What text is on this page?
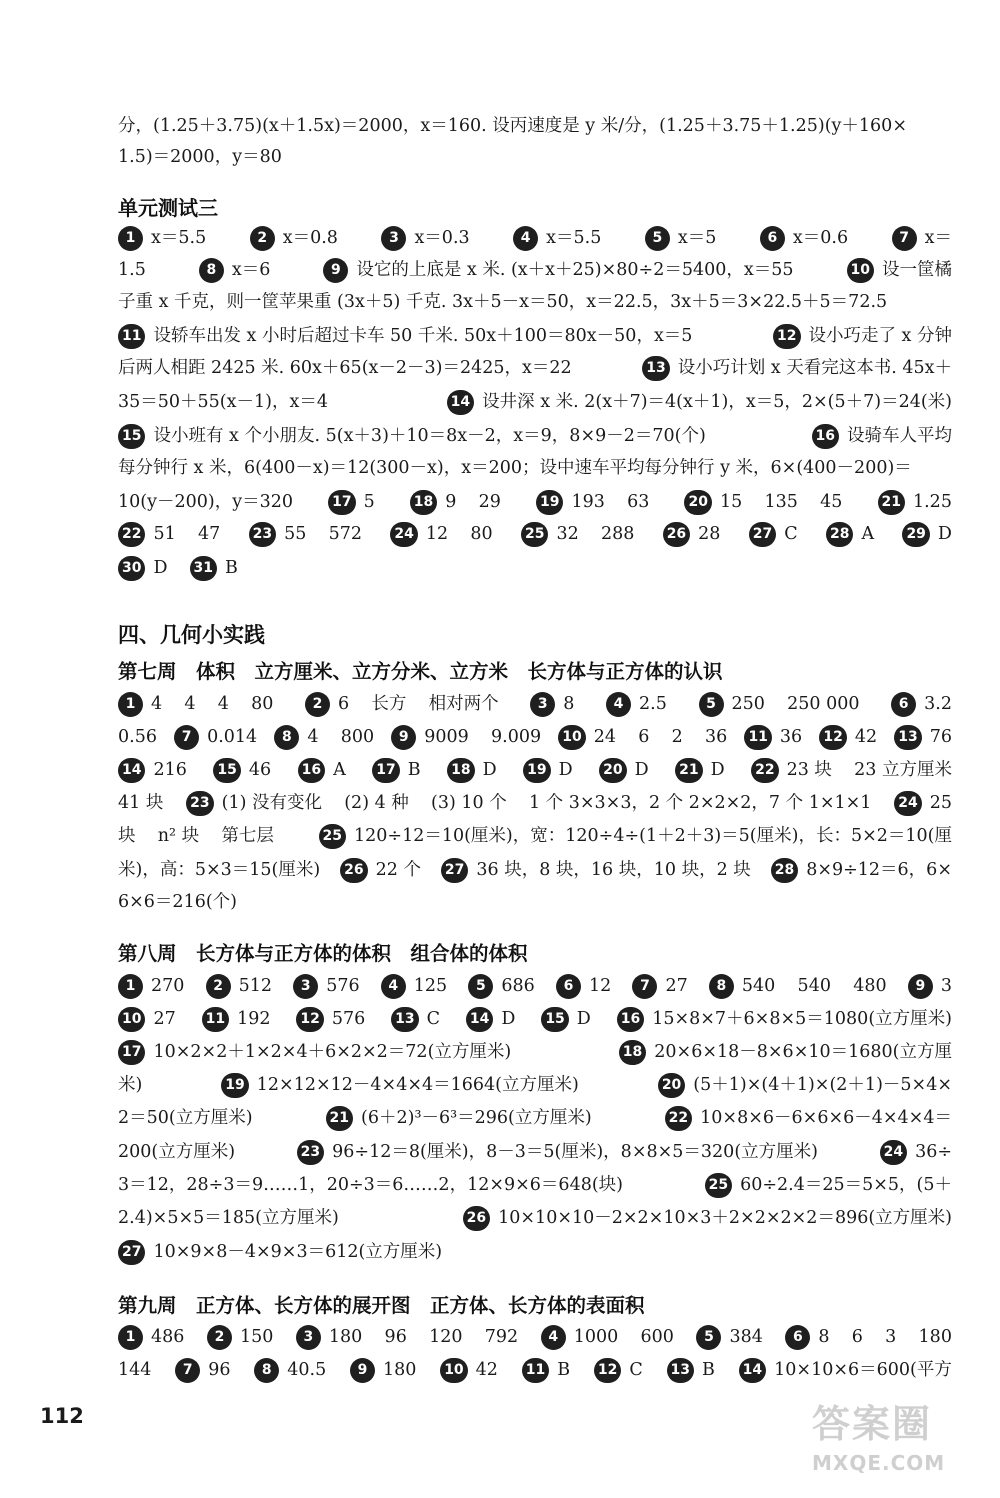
分，(1.25＋3.75)(x＋1.5x)＝2000，x＝160. 设丙速度是 y 米/分，(1.25＋3.75＋1.25)(y＋160×
1.5)＝2000，y＝80
单元测试三
1 x＝5.5	2 x＝0.8	3 x＝0.3	4 x＝5.5	5 x＝5	6 x＝0.6	7 x＝
1.5	8 x＝6	9 设它的上底是 x 米. (x＋x＋25)×80÷2＝5400，x＝55	10 设一筐橘
子重 x 千克，则一筐苹果重 (3x＋5) 千克. 3x＋5－x＝50，x＝22.5，3x＋5＝3×22.5＋5＝72.5
11 设轿车出发 x 小时后超过卡车 50 千米. 50x＋100＝80x－50，x＝5	12 设小巧走了 x 分钟
后两人相距 2425 米. 60x＋65(x－2－3)＝2425，x＝22	13 设小巧计划 x 天看完这本书. 45x＋
35＝50＋55(x－1)，x＝4	14 设井深 x 米. 2(x＋7)＝4(x＋1)，x＝5，2×(5＋7)＝24(米)
15 设小班有 x 个小朋友. 5(x＋3)＋10＝8x－2，x＝9，8×9－2＝70(个)	16 设骑车人平均
每分钟行 x 米，6(400－x)＝12(300－x)，x＝200；设中速车平均每分钟行 y 米，6×(400－200)＝
10(y－200)，y＝320	17 5	18 9    29	19 193    63	20 15    135    45	21 1.25
22 51    47 23 55    572 24 12    80 25 32    288 26 28 27 C 28 A 29 D
30 D 31 B
四、几何小实践
第七周　体积　立方厘米、立方分米、立方米　长方体与正方体的认识
1 4    4    4    80	2 6    长方    相对两个	3 8	4 2.5	5 250    250 000	6 3.2
0.56	7 0.014	8 4    800	9 9009    9.009 10 24    6    2    36 11 36 12 42 13 76
14 216 15 46 16 A 17 B 18 D 19 D 20 D 21 D 22 23 块    23 立方厘米
41 块 23 (1) 没有变化    (2) 4 种    (3) 10 个    1 个 3×3×3，2 个 2×2×2，7 个 1×1×1 24 25
块    n² 块    第七层	25 120÷12＝10(厘米)，宽：120÷4÷(1＋2＋3)＝5(厘米)，长：5×2＝10(厘
米)，高：5×3＝15(厘米) 26 22 个 27 36 块，8 块，16 块，10 块，2 块 28 8×9÷12＝6，6×
6×6＝216(个)
第八周　长方体与正方体的体积　组合体的体积
1 270	2 512	3 576	4 125	5 686	6 12	7 27	8 540    540    480	9 3
10 27 11 192 12 576 13 C 14 D 15 D 16 15×8×7＋6×8×5＝1080(立方厘米)
17 10×2×2＋1×2×4＋6×2×2＝72(立方厘米)	18 20×6×18－8×6×10＝1680(立方厘
米)	19 12×12×12－4×4×4＝1664(立方厘米)	20 (5＋1)×(4＋1)×(2＋1)－5×4×
2＝50(立方厘米)	21 (6＋2)³－6³＝296(立方厘米)	22 10×8×6－6×6×6－4×4×4＝
200(立方厘米)	23 96÷12＝8(厘米)，8－3＝5(厘米)，8×8×5＝320(立方厘米)	24 36÷
3＝12，28÷3＝9……1，20÷3＝6……2，12×9×6＝648(块)	25 60÷2.4＝25＝5×5，(5＋
2.4)×5×5＝185(立方厘米)	26 10×10×10－2×2×10×3＋2×2×2×2＝896(立方厘米)
27 10×9×8－4×9×3＝612(立方厘米)
第九周　正方体、长方体的展开图　正方体、长方体的表面积
1 486	2 150	3 180    96    120    792	4 1000    600	5 384	6 8    6    3    180
144	7 96	8 40.5	9 180 10 42 11 B 12 C 13 B 14 10×10×6＝600(平方
112	答案圈
MXQE.COM
